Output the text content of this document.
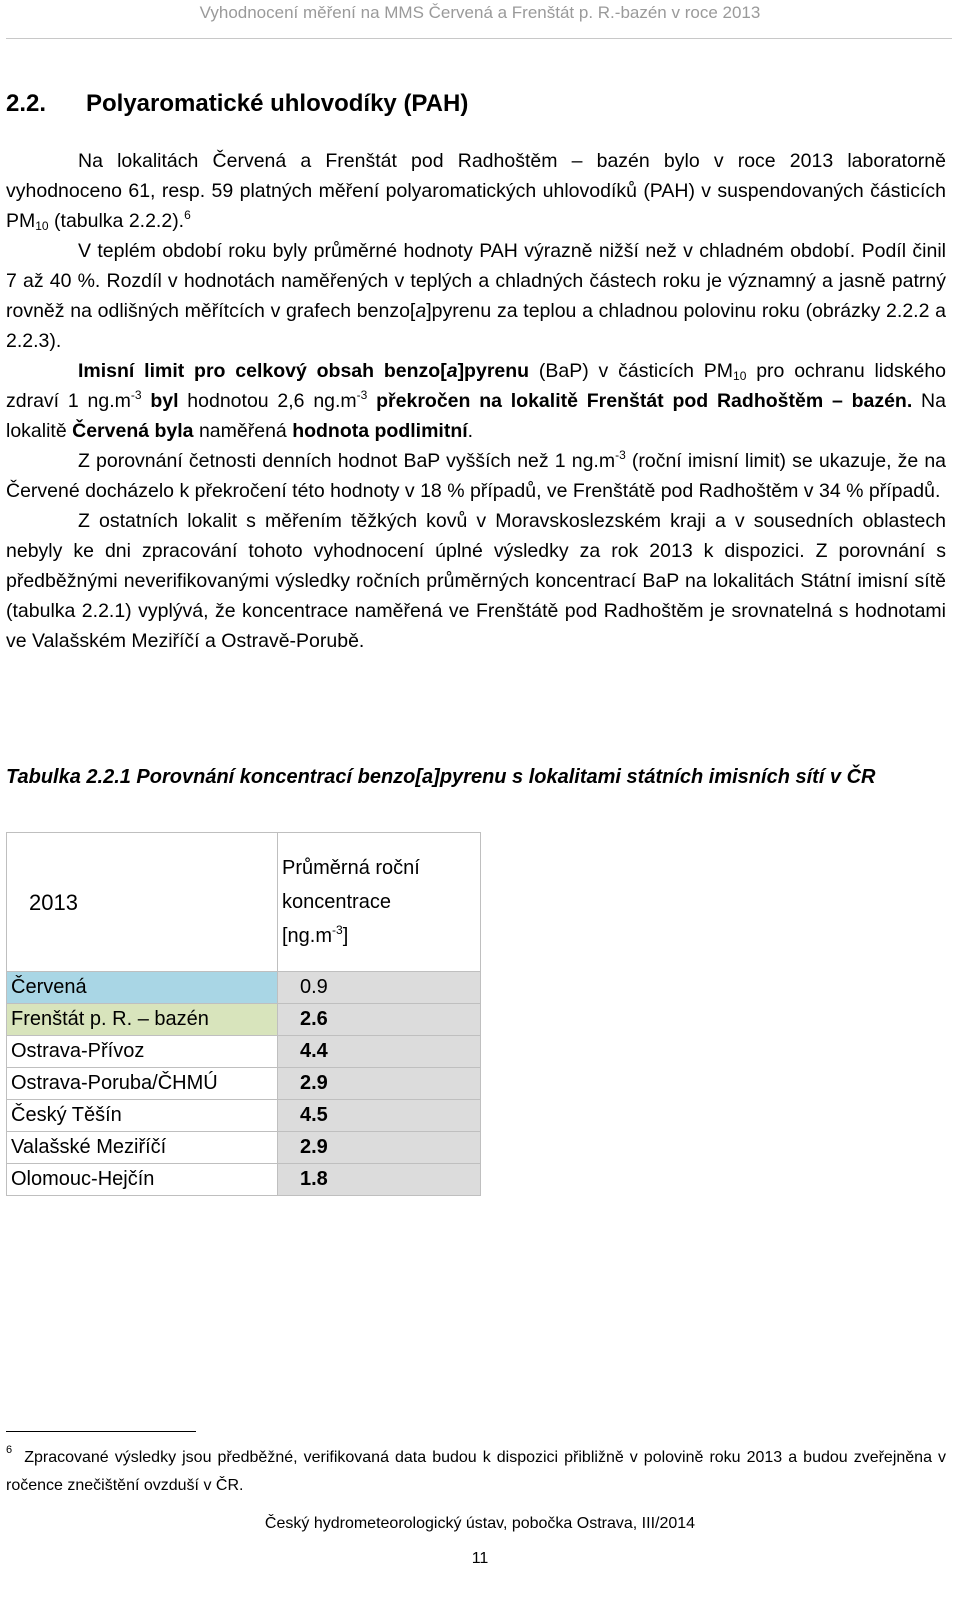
Vyhodnocení měření na MMS Červená a Frenštát p. R.-bazén v roce 2013
2.2. Polyaromatické uhlovodíky (PAH)

Na lokalitách Červená a Frenštát pod Radhoštěm – bazén bylo v roce 2013 laboratorně vyhodnoceno 61, resp. 59 platných měření polyaromatických uhlovodíků (PAH) v suspendovaných částicích $PM_{10}$ (tabulka 2.2.2).$^6$

V teplém období roku byly průměrné hodnoty PAH výrazně nižší než v chladném období. Podíl činil 7 až 40 %. Rozdíl v hodnotách naměřených v teplých a chladných částech roku je významný a jasně patrný rovněž na odlišných měřítcích v grafech benzo[a]pyrenu za teplou a chladnou polovinu roku (obrázky 2.2.2 a 2.2.3).

Imisní limit pro celkový obsah benzo[a]pyrenu (BaP) v částicích $PM_{10}$ pro ochranu lidského zdraví 1 $ng.m^{-3}$ byl hodnotou 2,6 $ng.m^{-3}$ překročen na lokalitě Frenštát pod Radhoštěm – bazén. Na lokalitě Červená byla naměřená hodnota podlimitní.

Z porovnání četnosti denních hodnot BaP vyšších než 1 $ng.m^{-3}$ (roční imisní limit) se ukazuje, že na Červené docházelo k překročení této hodnoty v 18 % případů, ve Frenštátě pod Radhoštěm v 34 % případů.

Z ostatních lokalit s měřením těžkých kovů v Moravskoslezském kraji a v sousedních oblastech nebyly ke dni zpracování tohoto vyhodnocení úplné výsledky za rok 2013 k dispozici. Z porovnání s předběžnými neverifikovanými výsledky ročních průměrných koncentrací BaP na lokalitách Státní imisní sítě (tabulka 2.2.1) vyplývá, že koncentrace naměřená ve Frenštátě pod Radhoštěm je srovnatelná s hodnotami ve Valašském Meziříčí a Ostravě-Porubě.

Tabulka 2.2.1 Porovnání koncentrací benzo[a]pyrenu s lokalitami státních imisních sítí v ČR
2013	Průměrná roční
koncentrace
$[ng.m^{-3}]$
Červená	0.9
Frenštát p. R. – bazén	2.6
Ostrava-Přívoz	4.4
Ostrava-Poruba/ČHMÚ	2.9
Český Těšín	4.5
Valašské Meziříčí	2.9
Olomouc-Hejčín	1.8
$^6$ Zpracované výsledky jsou předběžné, verifikovaná data budou k dispozici přibližně v polovině roku 2013 a budou zveřejněna v ročence znečištění ovzduší v ČR.
Český hydrometeorologický ústav, pobočka Ostrava, III/2014
11
